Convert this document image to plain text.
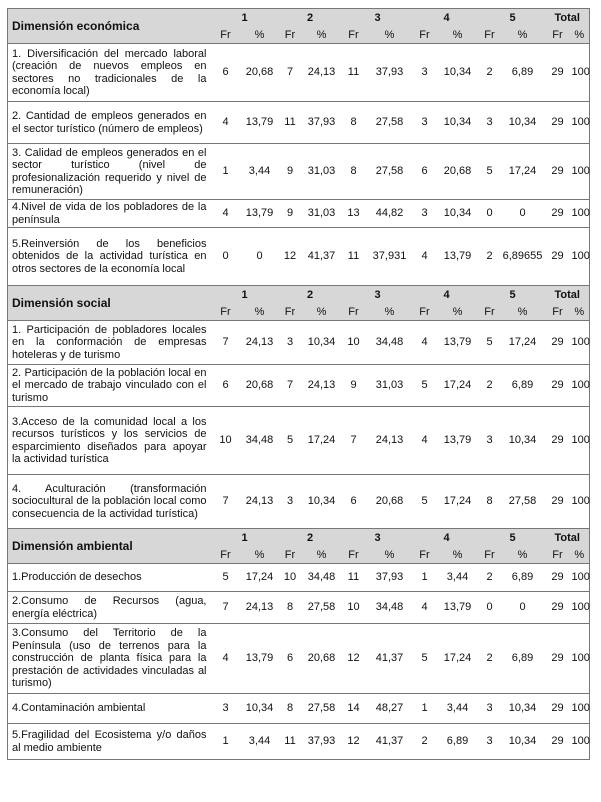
Dimensión económica	1		2		3		4		5		Total	
	Fr	%	Fr	%	Fr	%	Fr	%	Fr	%	Fr	%
1. Diversificación del mercado laboral (creación de nuevos empleos en sectores no tradicionales de la economía local)	6	20,68	7	24,13	11	37,93	3	10,34	2	6,89	29	100
2. Cantidad de empleos generados en el sector turístico (número de empleos)	4	13,79	11	37,93	8	27,58	3	10,34	3	10,34	29	100
3. Calidad de empleos generados en el sector turístico (nivel de profesionalización requerido y nivel de remuneración)	1	3,44	9	31,03	8	27,58	6	20,68	5	17,24	29	100
4.Nivel de vida de los pobladores de la península	4	13,79	9	31,03	13	44,82	3	10,34	0	0	29	100
5.Reinversión de los beneficios obtenidos de la actividad turística en otros sectores de la economía local	0	0	12	41,37	11	37,931	4	13,79	2	6,89655	29	100
Dimensión social	1		2		3		4		5		Total	
	Fr	%	Fr	%	Fr	%	Fr	%	Fr	%	Fr	%
1. Participación de pobladores locales en la conformación de empresas hoteleras y de turismo	7	24,13	3	10,34	10	34,48	4	13,79	5	17,24	29	100
2. Participación de la población local en el mercado de trabajo vinculado con el turismo	6	20,68	7	24,13	9	31,03	5	17,24	2	6,89	29	100
3.Acceso de la comunidad local a los recursos turísticos y los servicios de esparcimiento diseñados para apoyar la actividad turística	10	34,48	5	17,24	7	24,13	4	13,79	3	10,34	29	100
4. Aculturación (transformación sociocultural de la población local como consecuencia de la actividad turística)	7	24,13	3	10,34	6	20,68	5	17,24	8	27,58	29	100
Dimensión ambiental	1		2		3		4		5		Total	
	Fr	%	Fr	%	Fr	%	Fr	%	Fr	%	Fr	%
1.Producción de desechos	5	17,24	10	34,48	11	37,93	1	3,44	2	6,89	29	100
2.Consumo de Recursos (agua, energía eléctrica)	7	24,13	8	27,58	10	34,48	4	13,79	0	0	29	100
3.Consumo del Territorio de la Península (uso de terrenos para la construcción de planta física para la prestación de actividades vinculadas al turismo)	4	13,79	6	20,68	12	41,37	5	17,24	2	6,89	29	100
4.Contaminación ambiental	3	10,34	8	27,58	14	48,27	1	3,44	3	10,34	29	100
5.Fragilidad del Ecosistema y/o daños al medio ambiente	1	3,44	11	37,93	12	41,37	2	6,89	3	10,34	29	100
